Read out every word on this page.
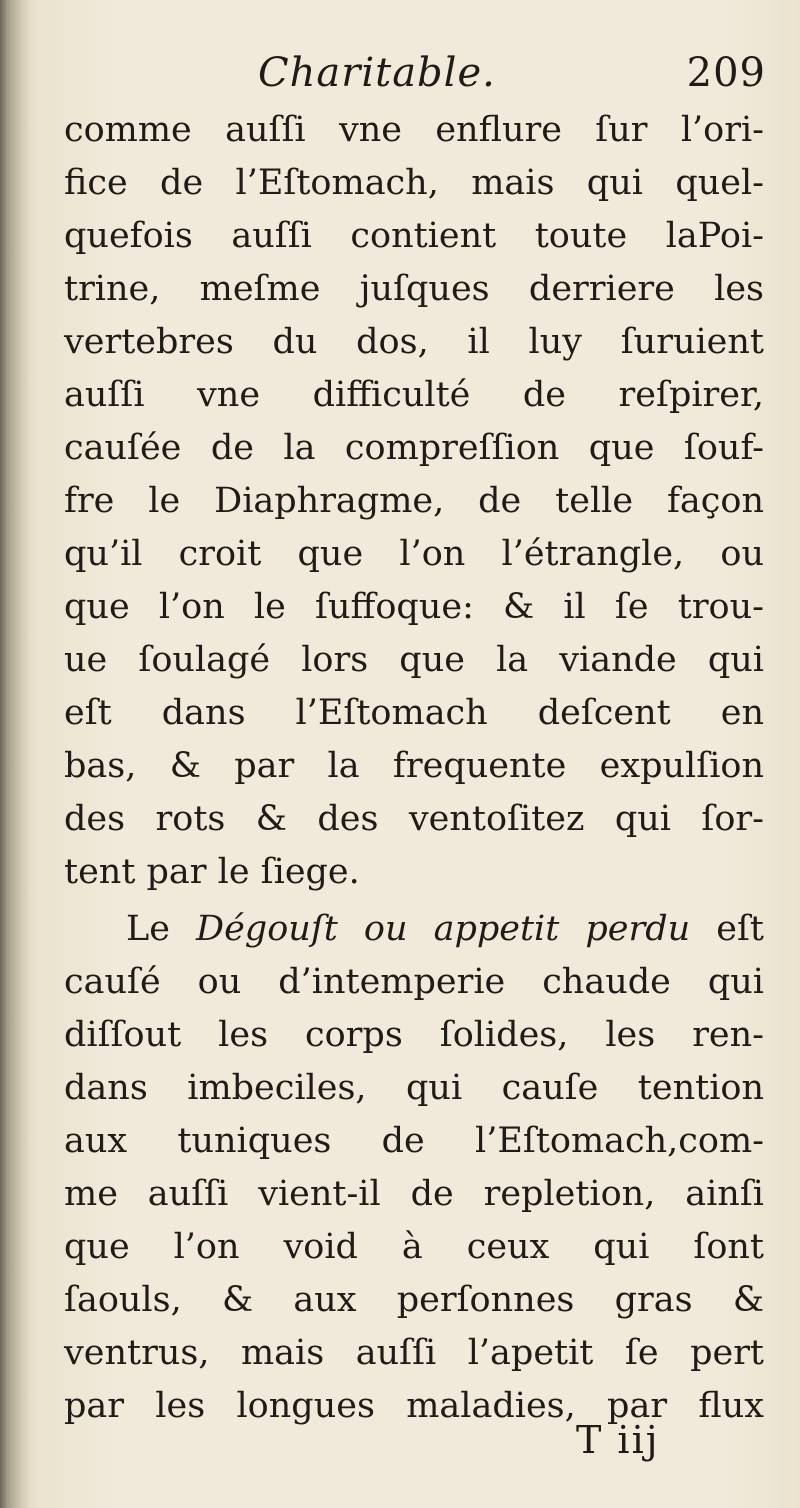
Charitable.	209
comme auſſi vne enflure ſur l’ori-
fice de l’Eſtomach, mais qui quel-
quefois auſſi contient toute laPoi-
trine, meſme juſques derriere les
vertebres du dos, il luy ſuruient
auſſi vne difficulté de reſpirer,
cauſée de la compreſſion que ſouf-
fre le Diaphragme, de telle façon
qu’il croit que l’on l’étrangle, ou
que l’on le ſuffoque: & il ſe trou-
ue ſoulagé lors que la viande qui
eſt dans l’Eſtomach deſcent en
bas, & par la frequente expulſion
des rots & des ventoſitez qui ſor-
tent par le ſiege.
Le Dégouſt ou appetit perdu eſt
cauſé ou d’intemperie chaude qui
diſſout les corps ſolides, les ren-
dans imbeciles, qui cauſe tention
aux tuniques de l’Eſtomach,com-
me auſſi vient-il de repletion, ainſi
que l’on void à ceux qui ſont
ſaouls, & aux perſonnes gras &
ventrus, mais auſſi l’apetit ſe pert
par les longues maladies, par flux
T iij
